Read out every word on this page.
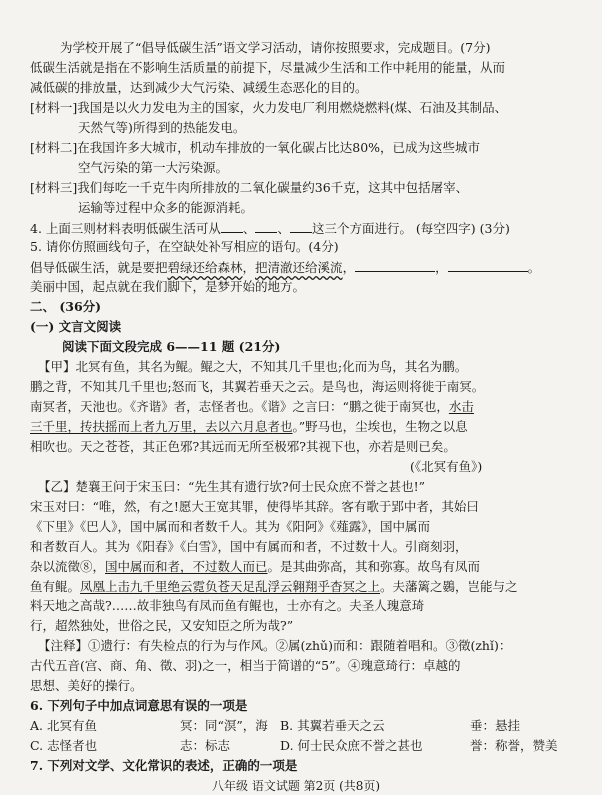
为学校开展了“倡导低碳生活”语文学习活动，请你按照要求，完成题目。(7分)
低碳生活就是指在不影响生活质量的前提下，尽量减少生活和工作中耗用的能量，从而
减低碳的排放量，达到减少大气污染、减缓生态恶化的目的。
[材料一]我国是以火力发电为主的国家，火力发电厂利用燃烧燃料(煤、石油及其制品、
天然气等)所得到的热能发电。
[材料二]在我国许多大城市，机动车排放的一氧化碳占比达80%，已成为这些城市
空气污染的第一大污染源。
[材料三]我们每吃一千克牛肉所排放的二氧化碳量约36千克，这其中包括屠宰、
运输等过程中众多的能源消耗。
4. 上面三则材料表明低碳生活可从 、 、 这三个方面进行。 (每空四字) (3分)
5. 请你仿照画线句子，在空缺处补写相应的语句。(4分)
倡导低碳生活，就是要把碧绿还给森林，把清澈还给溪流，	，	。
美丽中国，起点就在我们脚下，是梦开始的地方。
二、 (36分)
(一) 文言文阅读
阅读下面文段完成 6——11 题 (21分)
【甲】北冥有鱼，其名为鲲。鲲之大，不知其几千里也;化而为鸟，其名为鹏。
鹏之背，不知其几千里也;怒而飞，其翼若垂天之云。是鸟也，海运则将徙于南冥。
南冥者，天池也。《齐谐》者，志怪者也。《谐》之言曰：“鹏之徙于南冥也，水击
三千里，抟扶摇而上者九万里，去以六月息者也。”野马也，尘埃也，生物之以息
相吹也。天之苍苍，其正色邪?其远而无所至极邪?其视下也，亦若是则已矣。
(《北冥有鱼》)
【乙】楚襄王问于宋玉曰：“先生其有遗行欤?何士民众庶不誉之甚也!”
宋玉对曰：“唯，然，有之!愿大王宽其罪，使得毕其辞。客有歌于郢中者，其始曰
《下里》《巴人》，国中属而和者数千人。其为《阳阿》《薤露》，国中属而
和者数百人。其为《阳春》《白雪》，国中有属而和者，不过数十人。引商刻羽，
杂以流徵⑧，国中属而和者，不过数人而已。是其曲弥高，其和弥寡。故鸟有凤而
鱼有鲲。凤凰上击九千里绝云霓负苍天足乱浮云翱翔乎杳冥之上。夫藩篱之鷃，岂能与之
料天地之高哉?……故非独鸟有凤而鱼有鲲也，士亦有之。夫圣人瑰意琦
行，超然独处，世俗之民，又安知臣之所为哉?”
【注释】①遗行：有失检点的行为与作风。②属(zhǔ)而和：跟随着唱和。③徵(zhǐ)：
古代五音(宫、商、角、徵、羽)之一，相当于简谱的“5”。④瑰意琦行：卓越的
思想、美好的操行。
6. 下列句子中加点词意思有误的一项是
A. 北冥有鱼	冥：同“溟”，海 B. 其翼若垂天之云	垂：悬挂
C. 志怪者也	志：标志	D. 何士民众庶不誉之甚也	誉：称誉，赞美
7. 下列对文学、文化常识的表述，正确的一项是
八年级 语文试题 第2页 (共8页)
